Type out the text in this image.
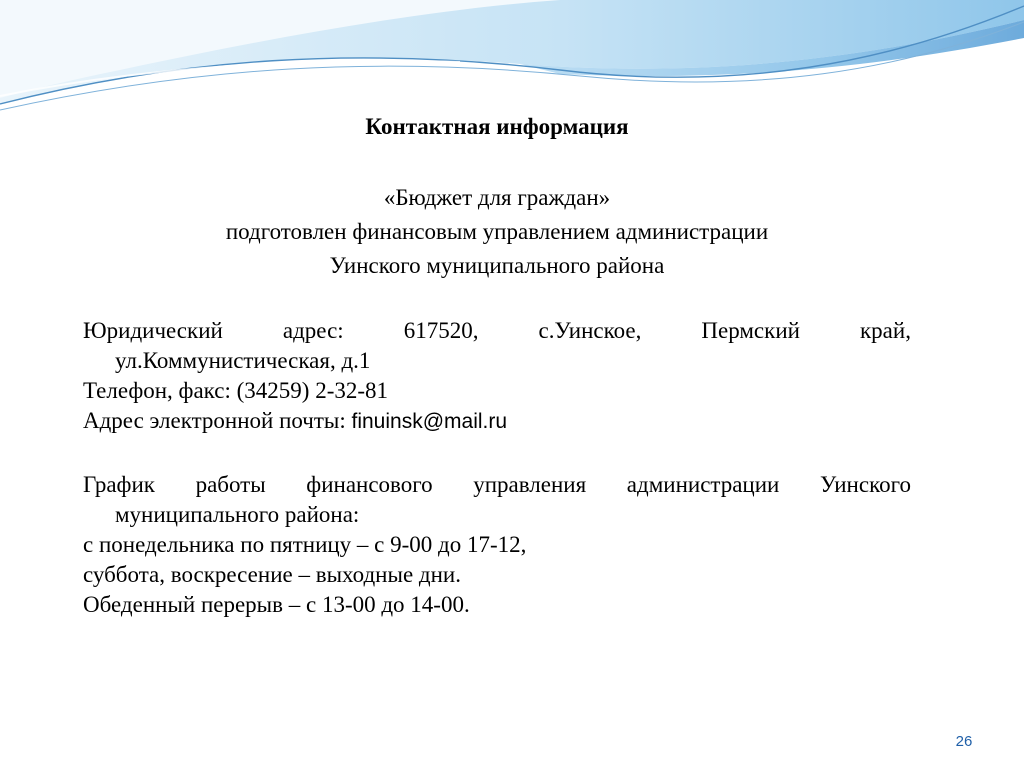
Контактная информация
«Бюджет для граждан»
подготовлен финансовым управлением администрации
Уинского муниципального района
Юридический	адрес:	617520,	с.Уинское,	Пермский	край,
ул.Коммунистическая, д.1
Телефон, факс: (34259) 2-32-81
Адрес электронной почты: finuinsk@mail.ru
График работы финансового управления администрации Уинского
муниципального района:
с понедельника по пятницу – с 9-00 до 17-12,
суббота, воскресение – выходные дни.
Обеденный перерыв – с 13-00 до 14-00.
26
